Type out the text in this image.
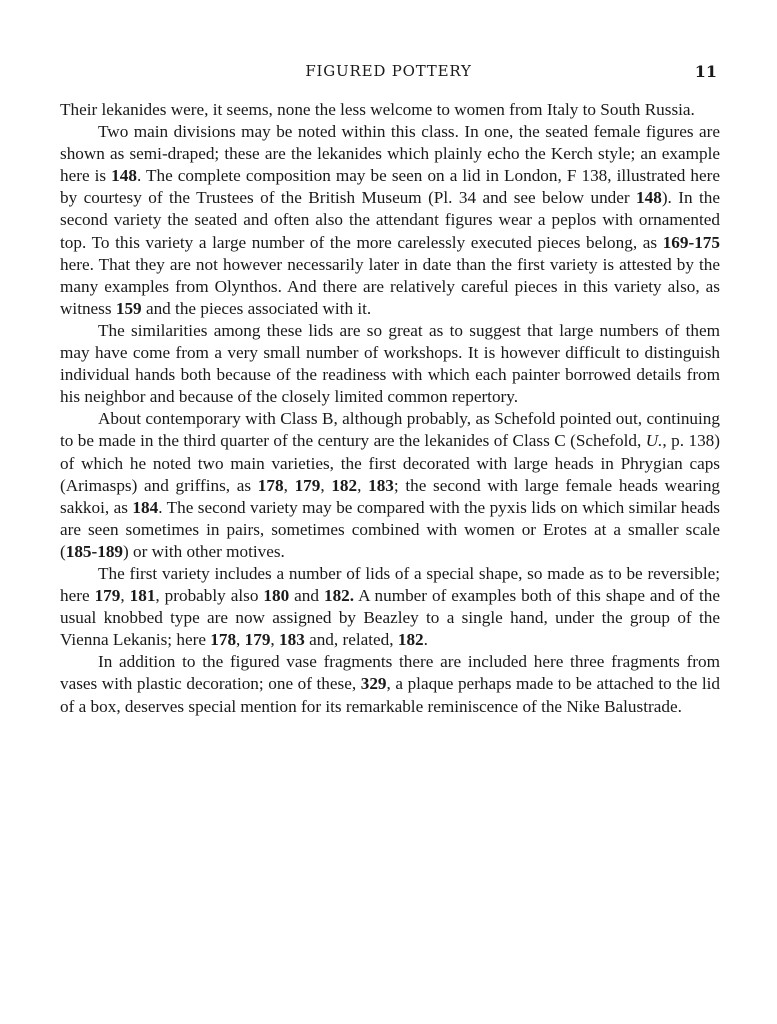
FIGURED POTTERY	11

Their lekanides were, it seems, none the less welcome to women from Italy to South Russia.

Two main divisions may be noted within this class. In one, the seated female figures are shown as semi-draped; these are the lekanides which plainly echo the Kerch style; an example here is 148. The complete composition may be seen on a lid in London, F 138, illustrated here by courtesy of the Trustees of the British Museum (Pl. 34 and see below under 148). In the second variety the seated and often also the attendant figures wear a peplos with ornamented top. To this variety a large number of the more carelessly executed pieces belong, as 169-175 here. That they are not however necessarily later in date than the first variety is attested by the many examples from Olynthos. And there are relatively careful pieces in this variety also, as witness 159 and the pieces associated with it.

The similarities among these lids are so great as to suggest that large numbers of them may have come from a very small number of workshops. It is however difficult to distinguish individual hands both because of the readiness with which each painter borrowed details from his neighbor and because of the closely limited common repertory.

About contemporary with Class B, although probably, as Schefold pointed out, continuing to be made in the third quarter of the century are the lekanides of Class C (Schefold, U., p. 138) of which he noted two main varieties, the first decorated with large heads in Phrygian caps (Arimasps) and griffins, as 178, 179, 182, 183; the second with large female heads wearing sakkoi, as 184. The second variety may be compared with the pyxis lids on which similar heads are seen sometimes in pairs, sometimes combined with women or Erotes at a smaller scale (185-189) or with other motives.

The first variety includes a number of lids of a special shape, so made as to be reversible; here 179, 181, probably also 180 and 182. A number of examples both of this shape and of the usual knobbed type are now assigned by Beazley to a single hand, under the group of the Vienna Lekanis; here 178, 179, 183 and, related, 182.

In addition to the figured vase fragments there are included here three fragments from vases with plastic decoration; one of these, 329, a plaque perhaps made to be attached to the lid of a box, deserves special mention for its remarkable reminiscence of the Nike Balustrade.
